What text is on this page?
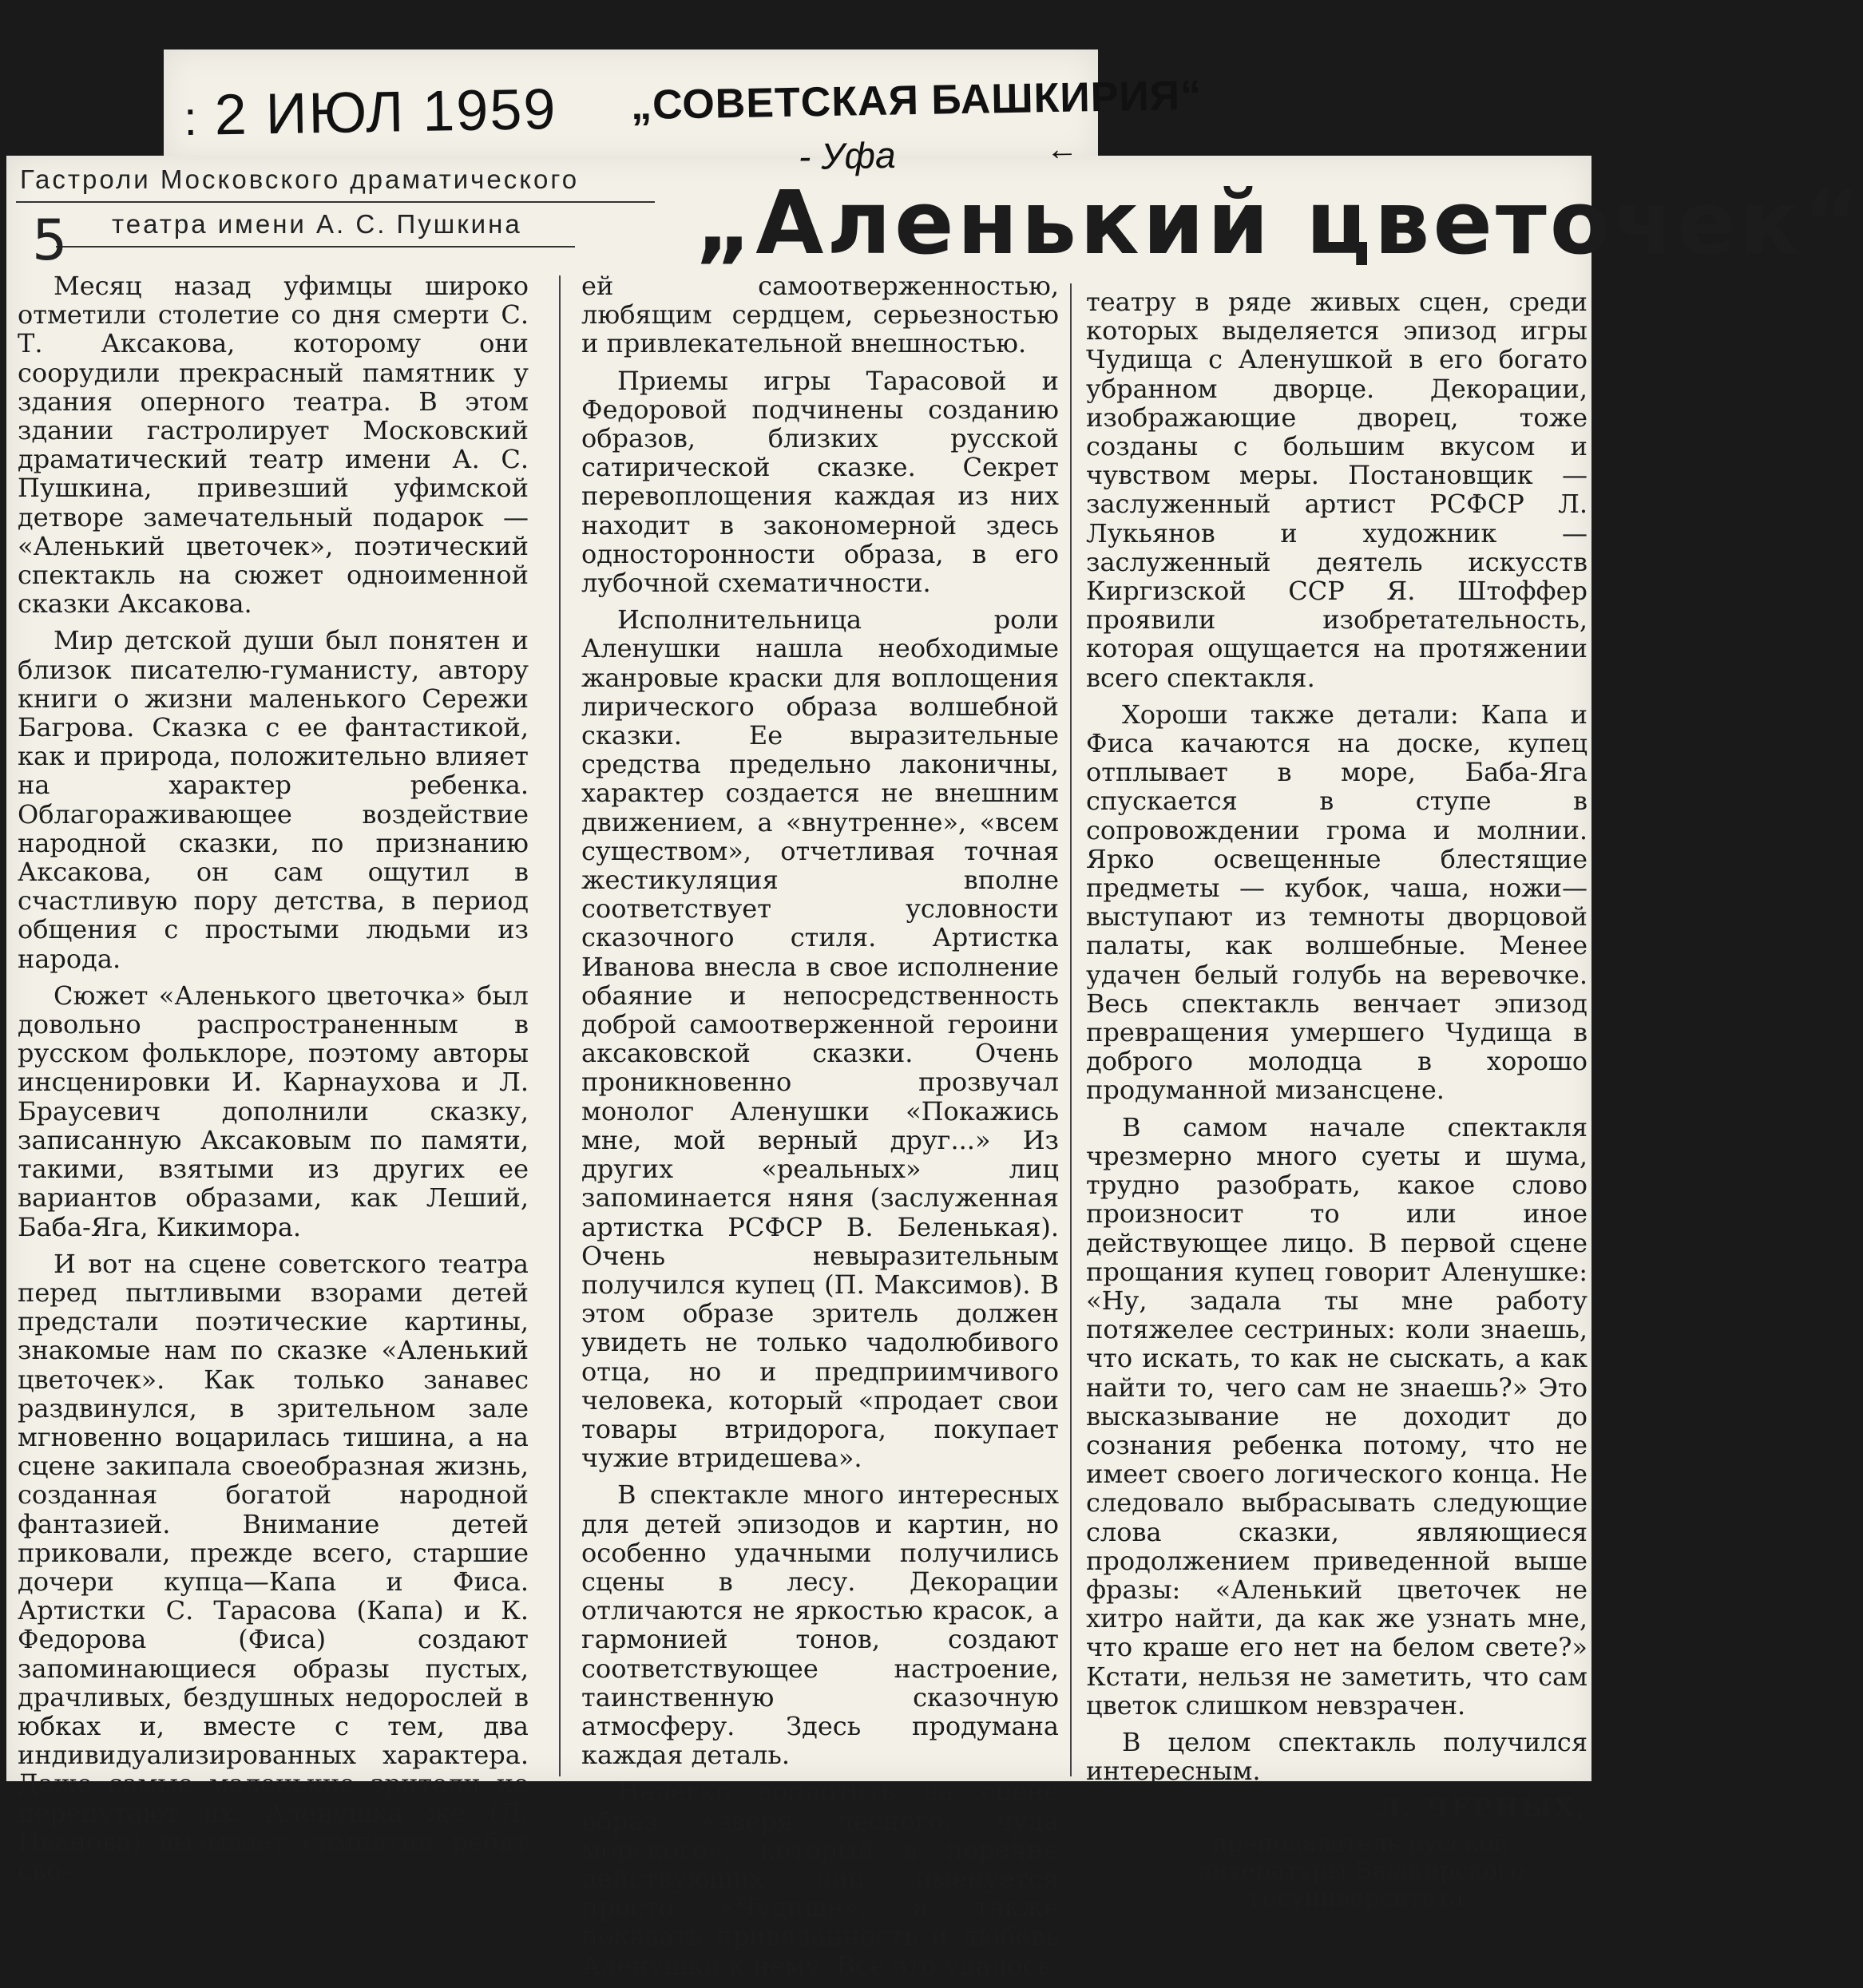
: 2 ИЮЛ 1959 „СОВЕТСКАЯ БАШКИРИЯ“
- Уфа	←
Гастроли Московского драматического
театра имени А. С. Пушкина
5	„Аленький цветочек“

Месяц назад уфимцы широко отметили столетие со дня смерти С. Т. Аксакова, которому они соорудили прекрасный памятник у здания оперного театра. В этом здании гастролирует Московский драматический театр имени А. С. Пушкина, привезший уфимской детворе замечательный подарок — «Аленький цветочек», поэтический спектакль на сюжет одноименной сказки Аксакова.

Мир детской души был понятен и близок писателю-гуманисту, автору книги о жизни маленького Сережи Багрова. Сказка с ее фантастикой, как и природа, положительно влияет на характер ребенка. Облагораживающее воздействие народной сказки, по признанию Аксакова, он сам ощутил в счастливую пору детства, в период общения с простыми людьми из народа.

Сюжет «Аленького цветочка» был довольно распространенным в русском фольклоре, поэтому авторы инсценировки И. Карнаухова и Л. Браусевич дополнили сказку, записанную Аксаковым по памяти, такими, взятыми из других ее вариантов образами, как Леший, Баба-Яга, Кикимора.

И вот на сцене советского театра перед пытливыми взорами детей предстали поэтические картины, знакомые нам по сказке «Аленький цветочек». Как только занавес раздвинулся, в зрительном зале мгновенно воцарилась тишина, а на сцене закипала своеобразная жизнь, созданная богатой народной фантазией. Внимание детей приковали, прежде всего, старшие дочери купца—Капа и Фиса. Артистки С. Тарасова (Капа) и К. Федорова (Фиса) создают запоминающиеся образы пустых, драчливых, бездушных недорослей в юбках и, вместе с тем, два индивидуализированных характера. Даже самые маленькие зрители не перепутают их. Аленушка же (Л. Иванова) вызывает симпатии ребят сво-

ей самоотверженностью, любящим сердцем, серьезностью и привлекательной внешностью.

Приемы игры Тарасовой и Федоровой подчинены созданию образов, близких русской сатирической сказке. Секрет перевоплощения каждая из них находит в закономерной здесь односторонности образа, в его лубочной схематичности.

Исполнительница роли Аленушки нашла необходимые жанровые краски для воплощения лирического образа волшебной сказки. Ее выразительные средства предельно лаконичны, характер создается не внешним движением, а «внутренне», «всем существом», отчетливая точная жестикуляция вполне соответствует условности сказочного стиля. Артистка Иванова внесла в свое исполнение обаяние и непосредственность доброй самоотверженной героини аксаковской сказки. Очень проникновенно прозвучал монолог Аленушки «Покажись мне, мой верный друг...» Из других «реальных» лиц запоминается няня (заслуженная артистка РСФСР В. Беленькая). Очень невыразительным получился купец (П. Максимов). В этом образе зритель должен увидеть не только чадолюбивого отца, но и предприимчивого человека, который «продает свои товары втридорога, покупает чужие втридешева».

В спектакле много интересных для детей эпизодов и картин, но особенно удачными получились сцены в лесу. Декорации отличаются не яркостью красок, а гармонией тонов, создают соответствующее настроение, таинственную сказочную атмосферу. Здесь продумана каждая деталь.

Нелегко воплотить на сцене образ «зверя лесного, чуда морского», который в перечне действующих лиц именуется просто «Чудище», а также показать привязанность и любовь Аленушки к нему. Все это удалось

театру в ряде живых сцен, среди которых выделяется эпизод игры Чудища с Аленушкой в его богато убранном дворце. Декорации, изображающие дворец, тоже созданы с большим вкусом и чувством меры. Постановщик — заслуженный артист РСФСР Л. Лукьянов и художник — заслуженный деятель искусств Киргизской ССР Я. Штоффер проявили изобретательность, которая ощущается на протяжении всего спектакля.

Хороши также детали: Капа и Фиса качаются на доске, купец отплывает в море, Баба-Яга спускается в ступе в сопровождении грома и молнии. Ярко освещенные блестящие предметы — кубок, чаша, ножи—выступают из темноты дворцовой палаты, как волшебные. Менее удачен белый голубь на веревочке. Весь спектакль венчает эпизод превращения умершего Чудища в доброго молодца в хорошо продуманной мизансцене.

В самом начале спектакля чрезмерно много суеты и шума, трудно разобрать, какое слово произносит то или иное действующее лицо. В первой сцене прощания купец говорит Аленушке: «Ну, задала ты мне работу потяжелее сестриных: коли знаешь, что искать, то как не сыскать, а как найти то, чего сам не знаешь?» Это высказывание не доходит до сознания ребенка потому, что не имеет своего логического конца. Не следовало выбрасывать следующие слова сказки, являющиеся продолжением приведенной выше фразы: «Аленький цветочек не хитро найти, да как же узнать мне, что краше его нет на белом свете?» Кстати, нельзя не заметить, что сам цветок слишком невзрачен.

В целом спектакль получился интересным.

Л. ЧЕРНЫХ,

преподаватель русской литературы Башкирского госуниверситета.
